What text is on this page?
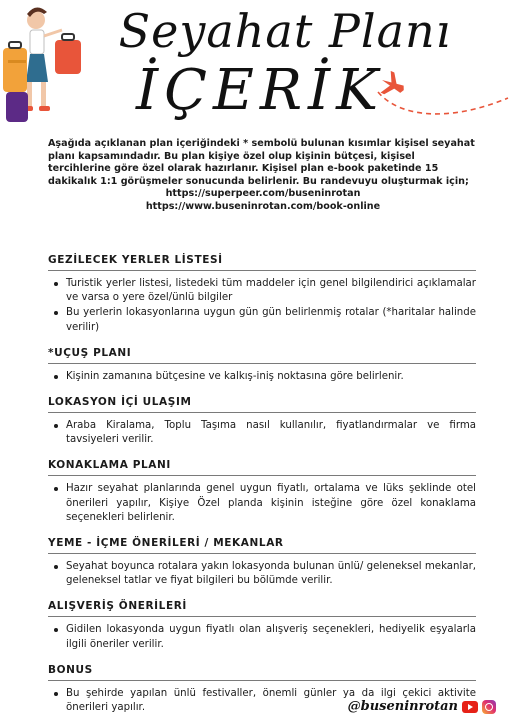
Seyahat Planı
İÇERİK
Aşağıda açıklanan plan içeriğindeki * sembolü bulunan kısımlar kişisel seyahat planı kapsamındadır. Bu plan kişiye özel olup kişinin bütçesi, kişisel tercihlerine göre özel olarak hazırlanır. Kişisel plan e-book paketinde 15 dakikalık 1:1 görüşmeler sonucunda belirlenir. Bu randevuyu oluşturmak için;
https://superpeer.com/buseninrotan
https://www.buseninrotan.com/book-online
GEZİLECEK YERLER LİSTESİ
Turistik yerler listesi, listedeki tüm maddeler için genel bilgilendirici açıklamalar ve varsa o yere özel/ünlü bilgiler
Bu yerlerin lokasyonlarına uygun gün gün belirlenmiş rotalar (*haritalar halinde verilir)
*UÇUŞ PLANI
Kişinin zamanına bütçesine ve kalkış-iniş noktasına göre belirlenir.
LOKASYON İÇİ ULAŞIM
Araba Kiralama, Toplu Taşıma nasıl kullanılır, fiyatlandırmalar ve firma tavsiyeleri verilir.
KONAKLAMA PLANI
Hazır seyahat planlarında genel uygun fiyatlı, ortalama ve lüks şeklinde otel önerileri yapılır, Kişiye Özel planda kişinin isteğine göre özel konaklama seçenekleri belirlenir.
YEME - İÇME ÖNERİLERİ / MEKANLAR
Seyahat boyunca rotalara yakın lokasyonda bulunan ünlü/ geleneksel mekanlar, geleneksel tatlar ve fiyat bilgileri bu bölümde verilir.
ALIŞVERİŞ ÖNERİLERİ
Gidilen lokasyonda uygun fiyatlı olan alışveriş seçenekleri, hediyelik eşyalarla ilgili öneriler verilir.
BONUS
Bu şehirde yapılan ünlü festivaller, önemli günler ya da ilgi çekici aktivite önerileri yapılır.	@buseninrotan
